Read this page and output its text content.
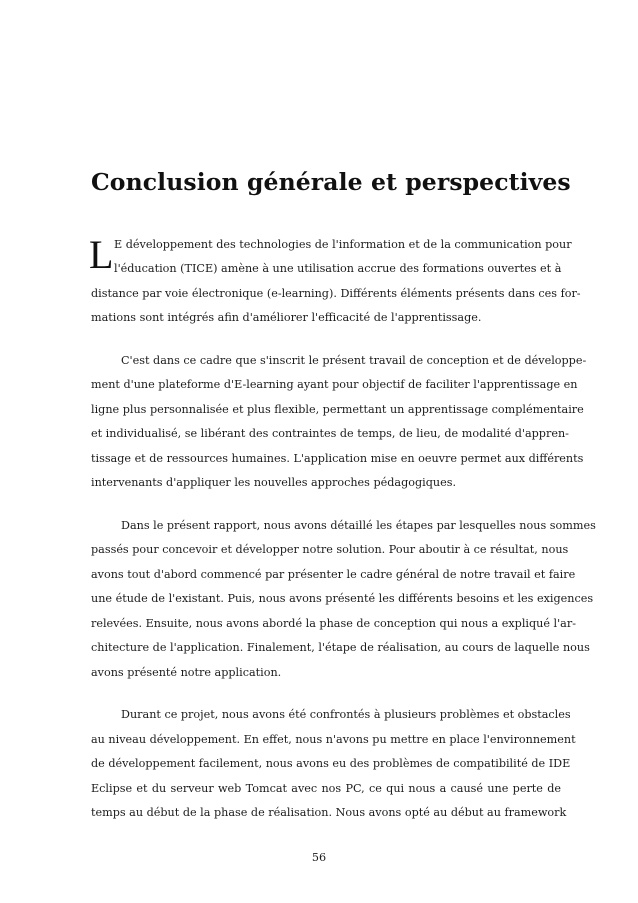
Conclusion générale et perspectives
L E développement des technologies de l'information et de la communication pour
l'éducation (TICE) amène à une utilisation accrue des formations ouvertes et à
distance par voie électronique (e-learning). Différents éléments présents dans ces for-
mations sont intégrés afin d'améliorer l'efficacité de l'apprentissage.
C'est dans ce cadre que s'inscrit le présent travail de conception et de développe-
ment d'une plateforme d'E-learning ayant pour objectif de faciliter l'apprentissage en
ligne plus personnalisée et plus flexible, permettant un apprentissage complémentaire
et individualisé, se libérant des contraintes de temps, de lieu, de modalité d'appren-
tissage et de ressources humaines. L'application mise en oeuvre permet aux différents
intervenants d'appliquer les nouvelles approches pédagogiques.
Dans le présent rapport, nous avons détaillé les étapes par lesquelles nous sommes
passés pour concevoir et développer notre solution. Pour aboutir à ce résultat, nous
avons tout d'abord commencé par présenter le cadre général de notre travail et faire
une étude de l'existant. Puis, nous avons présenté les différents besoins et les exigences
relevées. Ensuite, nous avons abordé la phase de conception qui nous a expliqué l'ar-
chitecture de l'application. Finalement, l'étape de réalisation, au cours de laquelle nous
avons présenté notre application.
Durant ce projet, nous avons été confrontés à plusieurs problèmes et obstacles
au niveau développement. En effet, nous n'avons pu mettre en place l'environnement
de développement facilement, nous avons eu des problèmes de compatibilité de IDE
Eclipse et du serveur web Tomcat avec nos PC, ce qui nous a causé une perte de
temps au début de la phase de réalisation. Nous avons opté au début au framework
56
